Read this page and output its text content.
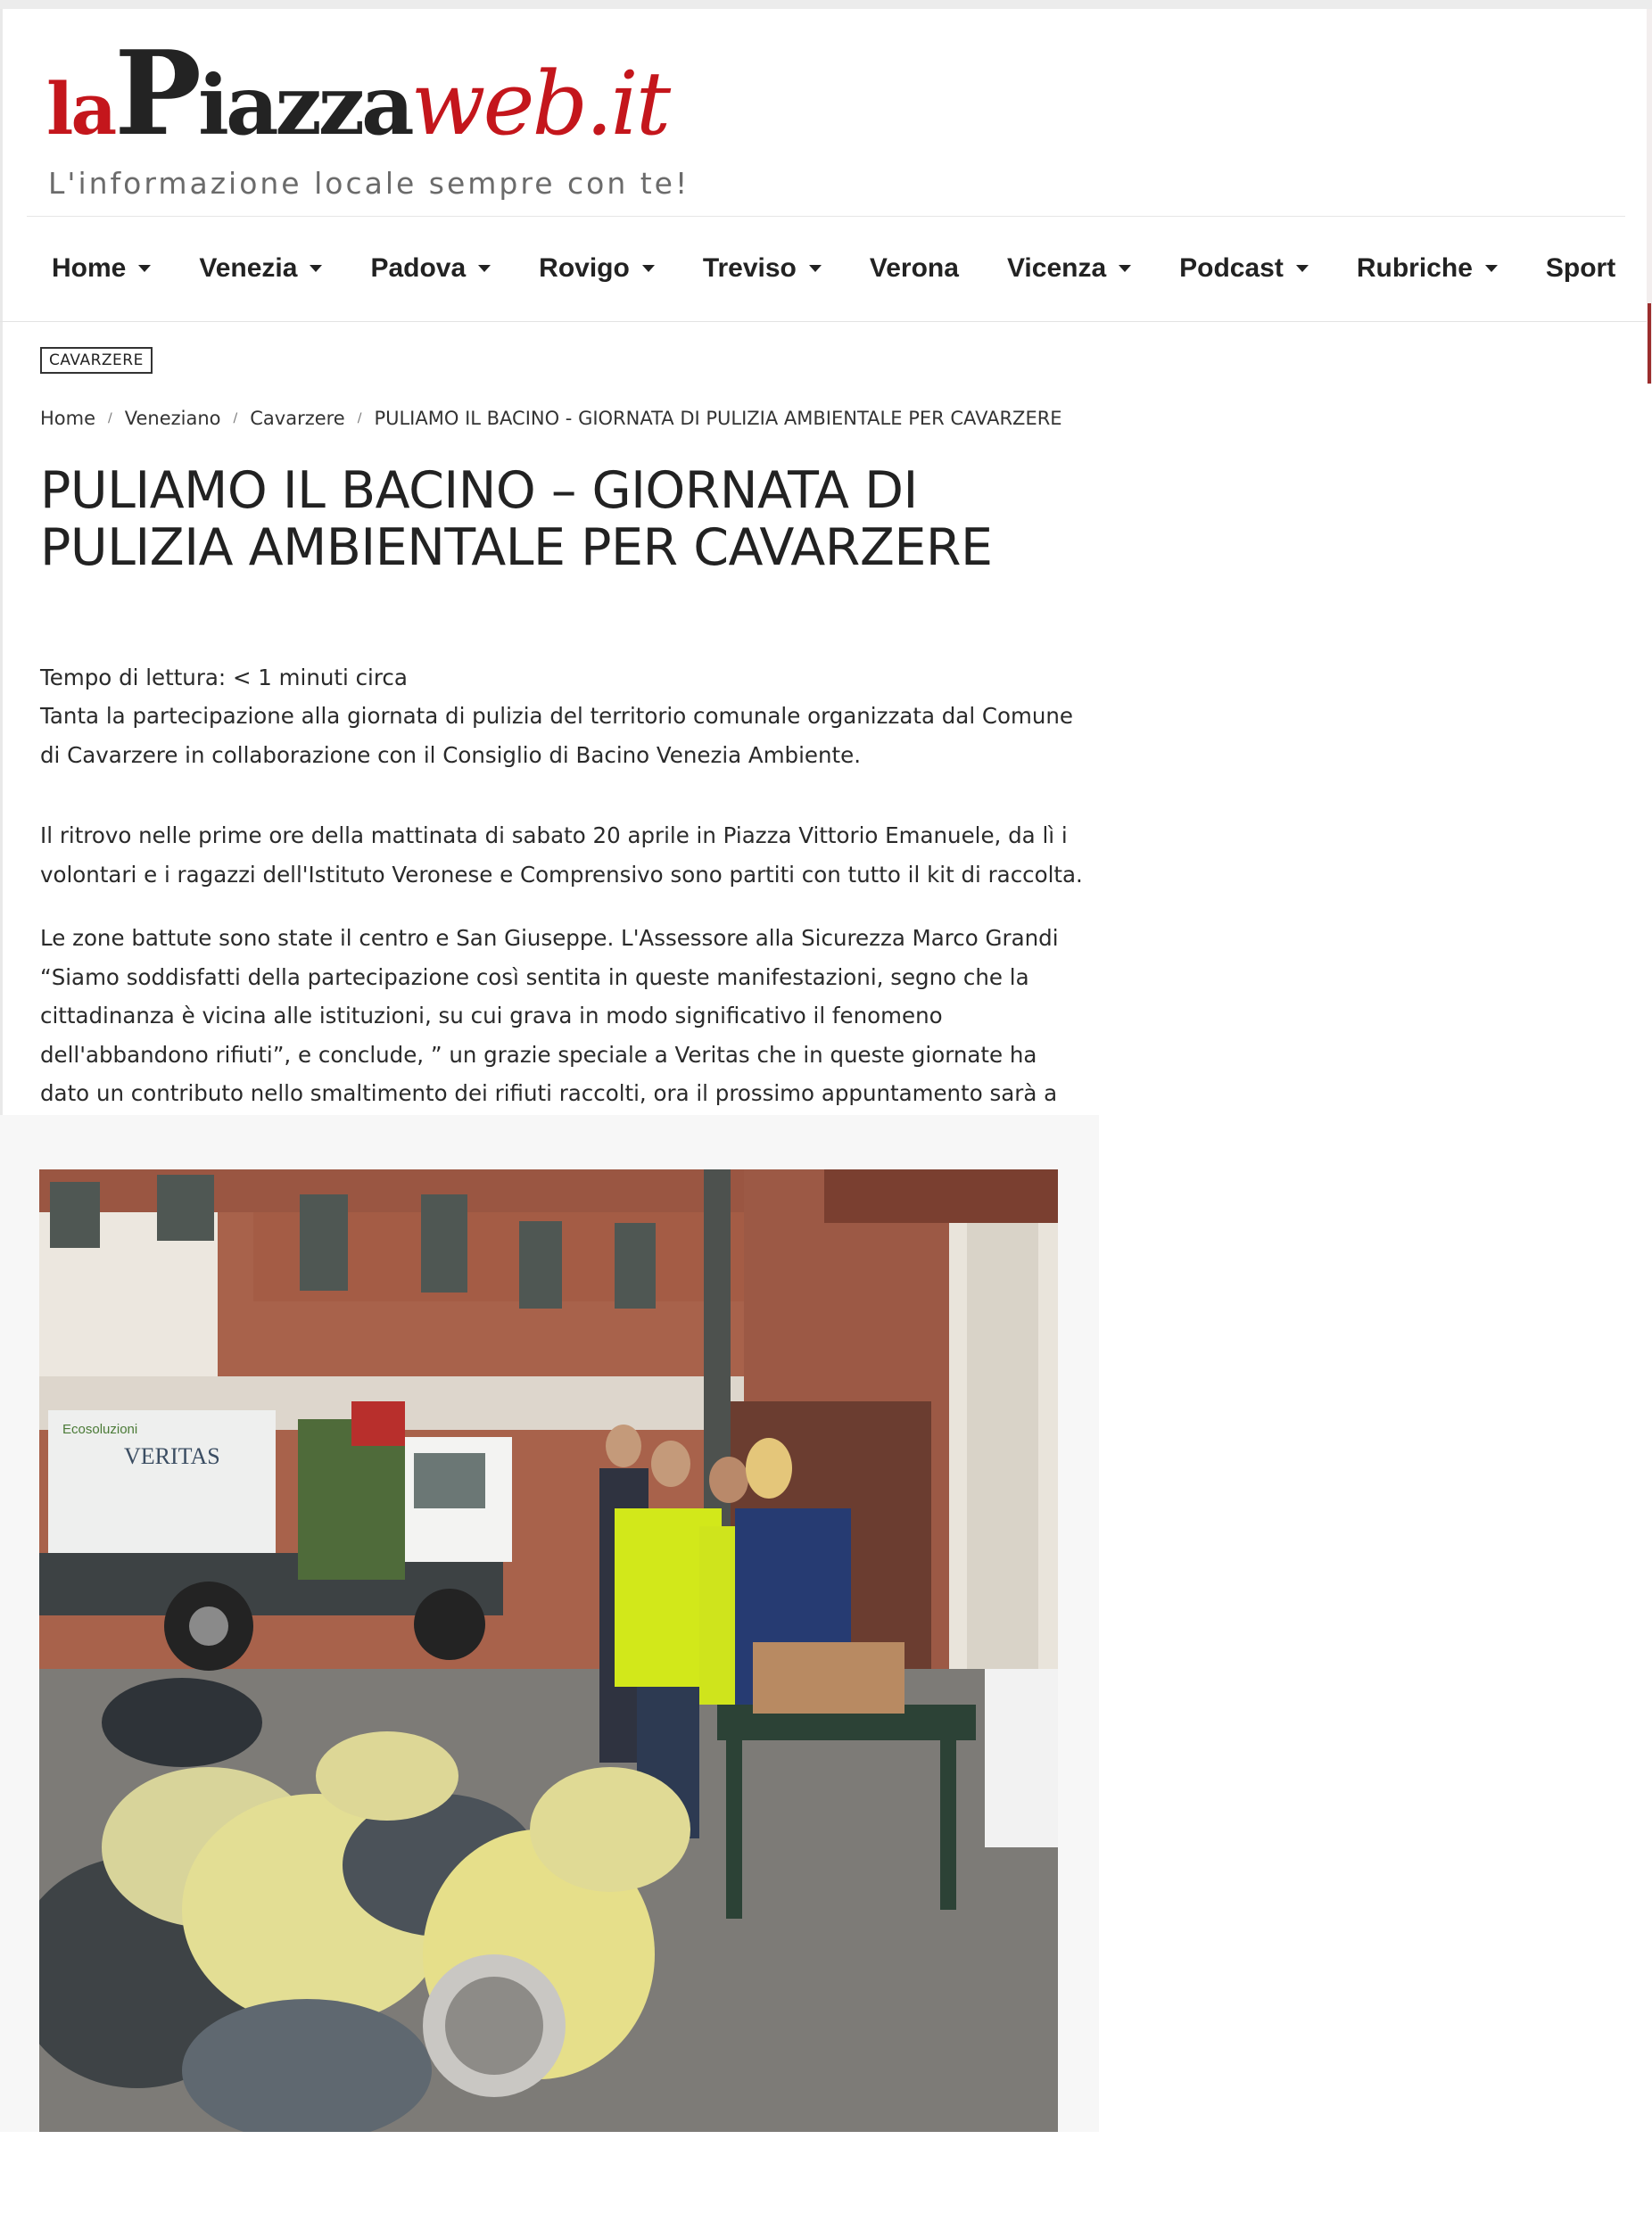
laPiazzaweb.it
L'informazione locale sempre con te!
Home	Venezia	Padova	Rovigo	Treviso	Verona Vicenza	Podcast	Rubriche	Sport
CAVARZERE
Home / Veneziano / Cavarzere / PULIAMO IL BACINO - GIORNATA DI PULIZIA AMBIENTALE PER CAVARZERE
PULIAMO IL BACINO – GIORNATA DI PULIZIA AMBIENTALE PER CAVARZERE

Tempo di lettura: < 1 minuti circa

Tanta la partecipazione alla giornata di pulizia del territorio comunale organizzata dal Comune di Cavarzere in collaborazione con il Consiglio di Bacino Venezia Ambiente.

Il ritrovo nelle prime ore della mattinata di sabato 20 aprile in Piazza Vittorio Emanuele, da lì i volontari e i ragazzi dell'Istituto Veronese e Comprensivo sono partiti con tutto il kit di raccolta.

Le zone battute sono state il centro e San Giuseppe. L'Assessore alla Sicurezza Marco Grandi “Siamo soddisfatti della partecipazione così sentita in queste manifestazioni, segno che la cittadinanza è vicina alle istituzioni, su cui grava in modo significativo il fenomeno dell'abbandono rifiuti”, e conclude, ” un grazie speciale a Veritas che in queste giornate ha dato un contributo nello smaltimento dei rifiuti raccolti, ora il prossimo appuntamento sarà a

VERITAS
Ecosoluzioni
